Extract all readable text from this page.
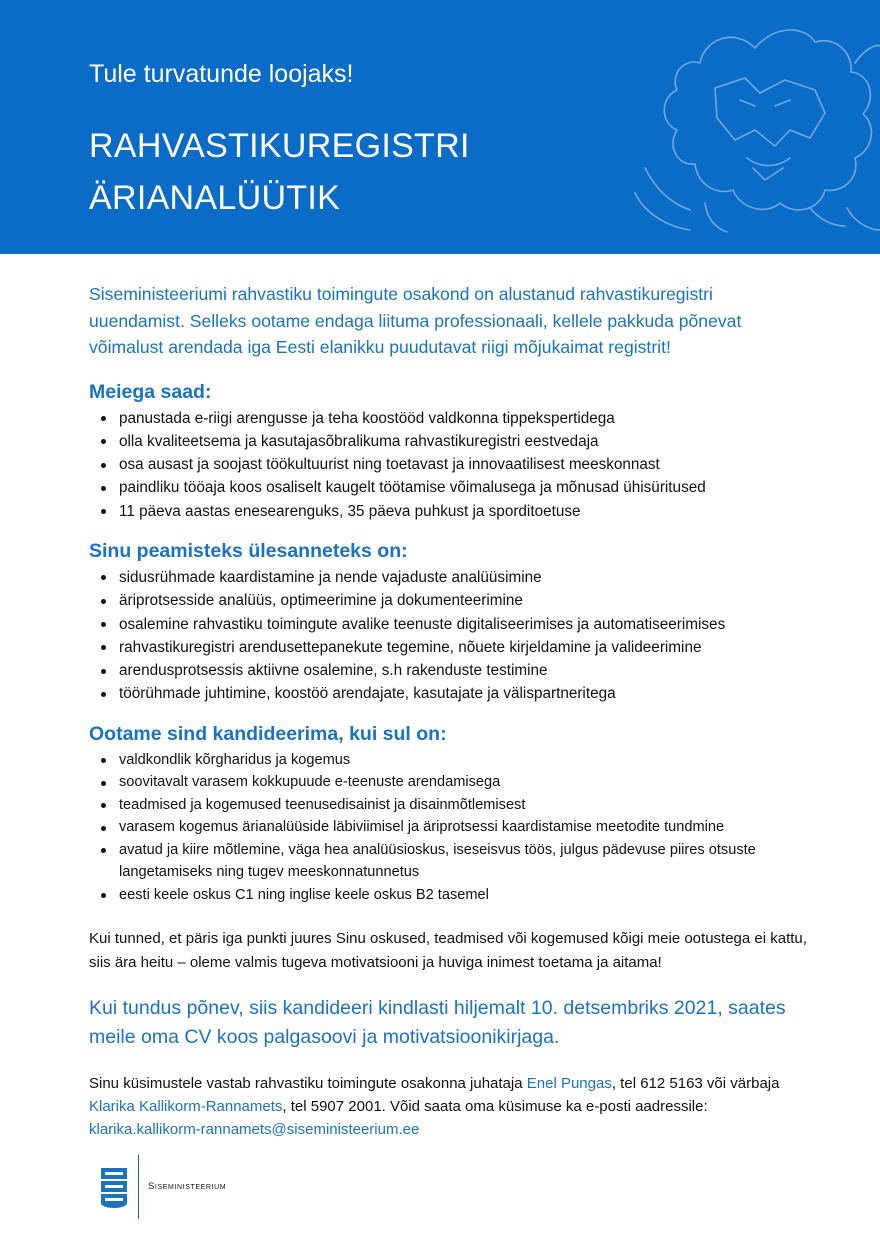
Tule turvatunde loojaks!
RAHVASTIKUREGISTRI
ÄRIANALÜÜTIK

Siseministeeriumi rahvastiku toimingute osakond on alustanud rahvastikuregistri uuendamist. Selleks ootame endaga liituma professionaali, kellele pakkuda põnevat võimalust arendada iga Eesti elanikku puudutavat riigi mõjukaimat registrit!

Meiega saad:
panustada e-riigi arengusse ja teha koostööd valdkonna tippekspertidega
olla kvaliteetsema ja kasutajasõbralikuma rahvastikuregistri eestvedaja
osa ausast ja soojast töökultuurist ning toetavast ja innovaatilisest meeskonnast
paindliku tööaja koos osaliselt kaugelt töötamise võimalusega ja mõnusad ühisüritused
11 päeva aastas enesearenguks, 35 päeva puhkust ja sporditoetuse
Sinu peamisteks ülesanneteks on:
sidusrühmade kaardistamine ja nende vajaduste analüüsimine
äriprotsesside analüüs, optimeerimine ja dokumenteerimine
osalemine rahvastiku toimingute avalike teenuste digitaliseerimises ja automatiseerimises
rahvastikuregistri arendusettepanekute tegemine, nõuete kirjeldamine ja valideerimine
arendusprotsessis aktiivne osalemine, s.h rakenduste testimine
töörühmade juhtimine, koostöö arendajate, kasutajate ja välispartneritega
Ootame sind kandideerima, kui sul on:
valdkondlik kõrgharidus ja kogemus
soovitavalt varasem kokkupuude e-teenuste arendamisega
teadmised ja kogemused teenusedisainist ja disainmõtlemisest
varasem kogemus ärianalüüside läbiviimisel ja äriprotsessi kaardistamise meetodite tundmine
avatud ja kiire mõtlemine, väga hea analüüsioskus, iseseisvus töös, julgus pädevuse piires otsuste langetamiseks ning tugev meeskonnatunnetus
eesti keele oskus C1 ning inglise keele oskus B2 tasemel

Kui tunned, et päris iga punkti juures Sinu oskused, teadmised või kogemused kõigi meie ootustega ei kattu, siis ära heitu – oleme valmis tugeva motivatsiooni ja huviga inimest toetama ja aitama!

Kui tundus põnev, siis kandideeri kindlasti hiljemalt 10. detsembriks 2021, saates meile oma CV koos palgasoovi ja motivatsioonikirjaga.

Sinu küsimustele vastab rahvastiku toimingute osakonna juhataja Enel Pungas, tel 612 5163 või värbaja Klarika Kallikorm-Rannamets, tel 5907 2001. Võid saata oma küsimuse ka e-posti aadressile: klarika.kallikorm-rannamets@siseministeerium.ee

Siseministeerium
